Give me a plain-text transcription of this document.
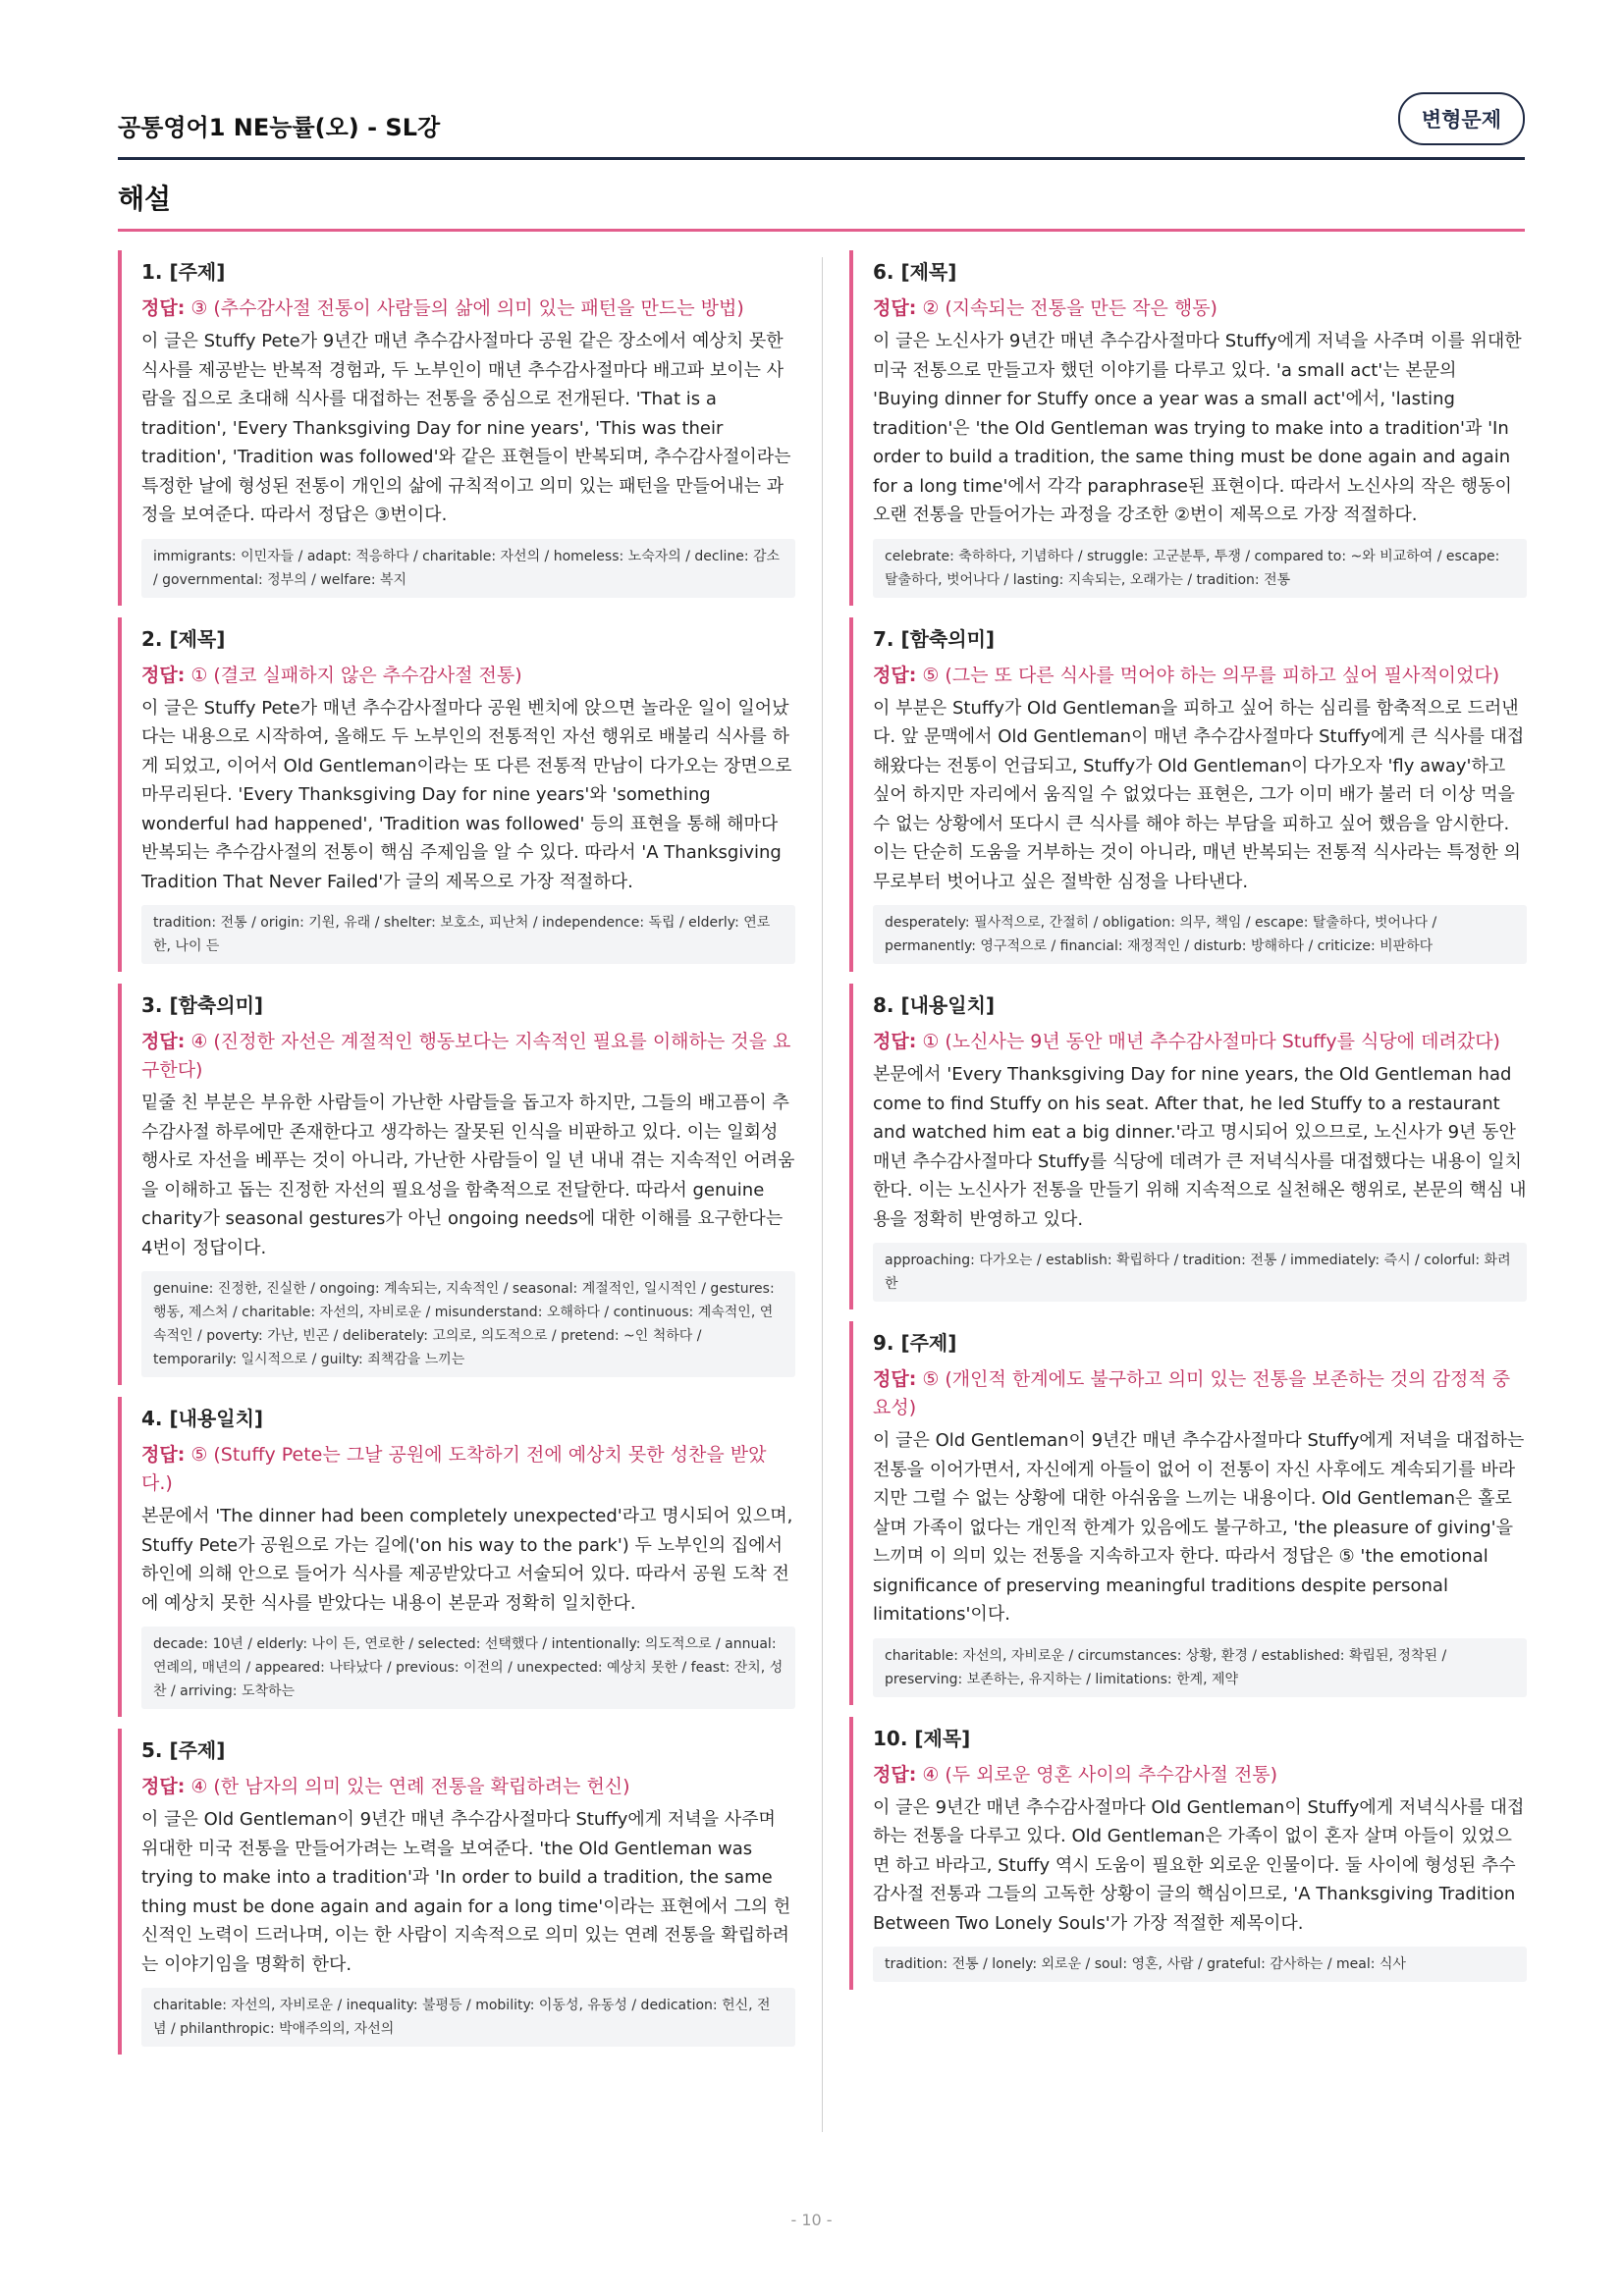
공통영어1 NE능률(오) - SL강	변형문제
해설
1. [주제]
정답: ③ (추수감사절 전통이 사람들의 삶에 의미 있는 패턴을 만드는 방법)
이 글은 Stuffy Pete가 9년간 매년 추수감사절마다 공원 같은 장소에서 예상치 못한 식사를 제공받는 반복적 경험과, 두 노부인이 매년 추수감사절마다 배고파 보이는 사람을 집으로 초대해 식사를 대접하는 전통을 중심으로 전개된다. 'That is a tradition', 'Every Thanksgiving Day for nine years', 'This was their tradition', 'Tradition was followed'와 같은 표현들이 반복되며, 추수감사절이라는 특정한 날에 형성된 전통이 개인의 삶에 규칙적이고 의미 있는 패턴을 만들어내는 과정을 보여준다. 따라서 정답은 ③번이다.
immigrants: 이민자들 / adapt: 적응하다 / charitable: 자선의 / homeless: 노숙자의 / decline: 감소 / governmental: 정부의 / welfare: 복지
2. [제목]
정답: ① (결코 실패하지 않은 추수감사절 전통)
이 글은 Stuffy Pete가 매년 추수감사절마다 공원 벤치에 앉으면 놀라운 일이 일어났다는 내용으로 시작하여, 올해도 두 노부인의 전통적인 자선 행위로 배불리 식사를 하게 되었고, 이어서 Old Gentleman이라는 또 다른 전통적 만남이 다가오는 장면으로 마무리된다. 'Every Thanksgiving Day for nine years'와 'something wonderful had happened', 'Tradition was followed' 등의 표현을 통해 해마다 반복되는 추수감사절의 전통이 핵심 주제임을 알 수 있다. 따라서 'A Thanksgiving Tradition That Never Failed'가 글의 제목으로 가장 적절하다.
tradition: 전통 / origin: 기원, 유래 / shelter: 보호소, 피난처 / independence: 독립 / elderly: 연로한, 나이 든
3. [함축의미]
정답: ④ (진정한 자선은 계절적인 행동보다는 지속적인 필요를 이해하는 것을 요구한다)
밑줄 친 부분은 부유한 사람들이 가난한 사람들을 돕고자 하지만, 그들의 배고픔이 추수감사절 하루에만 존재한다고 생각하는 잘못된 인식을 비판하고 있다. 이는 일회성 행사로 자선을 베푸는 것이 아니라, 가난한 사람들이 일 년 내내 겪는 지속적인 어려움을 이해하고 돕는 진정한 자선의 필요성을 함축적으로 전달한다. 따라서 genuine charity가 seasonal gestures가 아닌 ongoing needs에 대한 이해를 요구한다는 4번이 정답이다.
genuine: 진정한, 진실한 / ongoing: 계속되는, 지속적인 / seasonal: 계절적인, 일시적인 / gestures: 행동, 제스처 / charitable: 자선의, 자비로운 / misunderstand: 오해하다 / continuous: 계속적인, 연속적인 / poverty: 가난, 빈곤 / deliberately: 고의로, 의도적으로 / pretend: ~인 척하다 / temporarily: 일시적으로 / guilty: 죄책감을 느끼는
4. [내용일치]
정답: ⑤ (Stuffy Pete는 그날 공원에 도착하기 전에 예상치 못한 성찬을 받았다.)
본문에서 'The dinner had been completely unexpected'라고 명시되어 있으며, Stuffy Pete가 공원으로 가는 길에('on his way to the park') 두 노부인의 집에서 하인에 의해 안으로 들어가 식사를 제공받았다고 서술되어 있다. 따라서 공원 도착 전에 예상치 못한 식사를 받았다는 내용이 본문과 정확히 일치한다.
decade: 10년 / elderly: 나이 든, 연로한 / selected: 선택했다 / intentionally: 의도적으로 / annual: 연례의, 매년의 / appeared: 나타났다 / previous: 이전의 / unexpected: 예상치 못한 / feast: 잔치, 성찬 / arriving: 도착하는
5. [주제]
정답: ④ (한 남자의 의미 있는 연례 전통을 확립하려는 헌신)
이 글은 Old Gentleman이 9년간 매년 추수감사절마다 Stuffy에게 저녁을 사주며 위대한 미국 전통을 만들어가려는 노력을 보여준다. 'the Old Gentleman was trying to make into a tradition'과 'In order to build a tradition, the same thing must be done again and again for a long time'이라는 표현에서 그의 헌신적인 노력이 드러나며, 이는 한 사람이 지속적으로 의미 있는 연례 전통을 확립하려는 이야기임을 명확히 한다.
charitable: 자선의, 자비로운 / inequality: 불평등 / mobility: 이동성, 유동성 / dedication: 헌신, 전념 / philanthropic: 박애주의의, 자선의
6. [제목]
정답: ② (지속되는 전통을 만든 작은 행동)
이 글은 노신사가 9년간 매년 추수감사절마다 Stuffy에게 저녁을 사주며 이를 위대한 미국 전통으로 만들고자 했던 이야기를 다루고 있다. 'a small act'는 본문의 'Buying dinner for Stuffy once a year was a small act'에서, 'lasting tradition'은 'the Old Gentleman was trying to make into a tradition'과 'In order to build a tradition, the same thing must be done again and again for a long time'에서 각각 paraphrase된 표현이다. 따라서 노신사의 작은 행동이 오랜 전통을 만들어가는 과정을 강조한 ②번이 제목으로 가장 적절하다.
celebrate: 축하하다, 기념하다 / struggle: 고군분투, 투쟁 / compared to: ~와 비교하여 / escape: 탈출하다, 벗어나다 / lasting: 지속되는, 오래가는 / tradition: 전통
7. [함축의미]
정답: ⑤ (그는 또 다른 식사를 먹어야 하는 의무를 피하고 싶어 필사적이었다)
이 부분은 Stuffy가 Old Gentleman을 피하고 싶어 하는 심리를 함축적으로 드러낸다. 앞 문맥에서 Old Gentleman이 매년 추수감사절마다 Stuffy에게 큰 식사를 대접해왔다는 전통이 언급되고, Stuffy가 Old Gentleman이 다가오자 'fly away'하고 싶어 하지만 자리에서 움직일 수 없었다는 표현은, 그가 이미 배가 불러 더 이상 먹을 수 없는 상황에서 또다시 큰 식사를 해야 하는 부담을 피하고 싶어 했음을 암시한다. 이는 단순히 도움을 거부하는 것이 아니라, 매년 반복되는 전통적 식사라는 특정한 의무로부터 벗어나고 싶은 절박한 심정을 나타낸다.
desperately: 필사적으로, 간절히 / obligation: 의무, 책임 / escape: 탈출하다, 벗어나다 / permanently: 영구적으로 / financial: 재정적인 / disturb: 방해하다 / criticize: 비판하다
8. [내용일치]
정답: ① (노신사는 9년 동안 매년 추수감사절마다 Stuffy를 식당에 데려갔다)
본문에서 'Every Thanksgiving Day for nine years, the Old Gentleman had come to find Stuffy on his seat. After that, he led Stuffy to a restaurant and watched him eat a big dinner.'라고 명시되어 있으므로, 노신사가 9년 동안 매년 추수감사절마다 Stuffy를 식당에 데려가 큰 저녁식사를 대접했다는 내용이 일치한다. 이는 노신사가 전통을 만들기 위해 지속적으로 실천해온 행위로, 본문의 핵심 내용을 정확히 반영하고 있다.
approaching: 다가오는 / establish: 확립하다 / tradition: 전통 / immediately: 즉시 / colorful: 화려한
9. [주제]
정답: ⑤ (개인적 한계에도 불구하고 의미 있는 전통을 보존하는 것의 감정적 중요성)
이 글은 Old Gentleman이 9년간 매년 추수감사절마다 Stuffy에게 저녁을 대접하는 전통을 이어가면서, 자신에게 아들이 없어 이 전통이 자신 사후에도 계속되기를 바라지만 그럴 수 없는 상황에 대한 아쉬움을 느끼는 내용이다. Old Gentleman은 홀로 살며 가족이 없다는 개인적 한계가 있음에도 불구하고, 'the pleasure of giving'을 느끼며 이 의미 있는 전통을 지속하고자 한다. 따라서 정답은 ⑤ 'the emotional significance of preserving meaningful traditions despite personal limitations'이다.
charitable: 자선의, 자비로운 / circumstances: 상황, 환경 / established: 확립된, 정착된 / preserving: 보존하는, 유지하는 / limitations: 한계, 제약
10. [제목]
정답: ④ (두 외로운 영혼 사이의 추수감사절 전통)
이 글은 9년간 매년 추수감사절마다 Old Gentleman이 Stuffy에게 저녁식사를 대접하는 전통을 다루고 있다. Old Gentleman은 가족이 없이 혼자 살며 아들이 있었으면 하고 바라고, Stuffy 역시 도움이 필요한 외로운 인물이다. 둘 사이에 형성된 추수감사절 전통과 그들의 고독한 상황이 글의 핵심이므로, 'A Thanksgiving Tradition Between Two Lonely Souls'가 가장 적절한 제목이다.
tradition: 전통 / lonely: 외로운 / soul: 영혼, 사람 / grateful: 감사하는 / meal: 식사
- 10 -
